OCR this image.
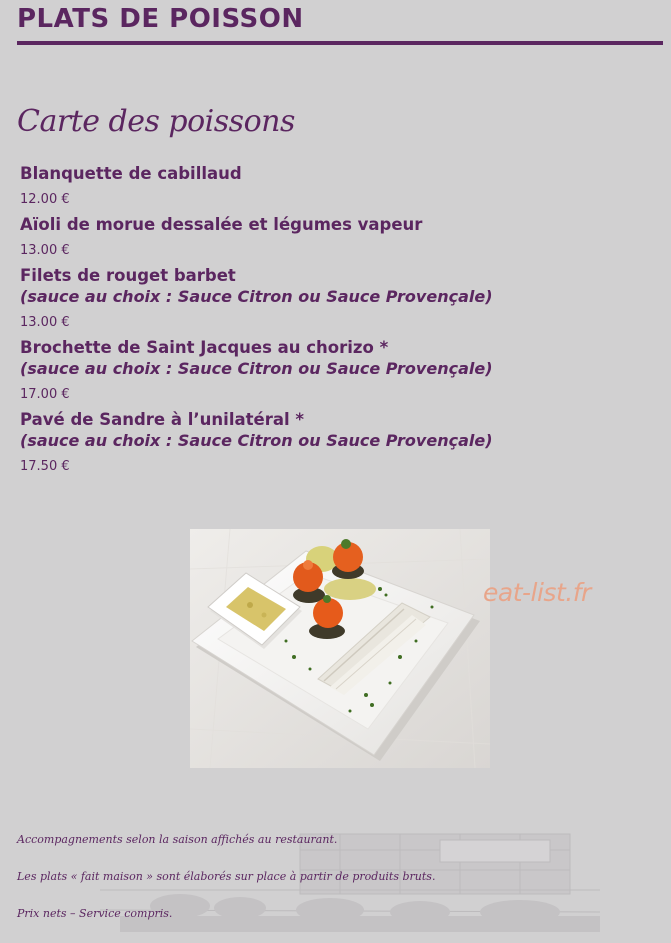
PLATS DE POISSON
Carte des poissons
Blanquette de cabillaud
12.00 €
Aïoli de morue dessalée et légumes vapeur
13.00 €
Filets de rouget barbet
(sauce au choix : Sauce Citron ou Sauce Provençale)
13.00 €
Brochette de Saint Jacques au chorizo *
(sauce au choix : Sauce Citron ou Sauce Provençale)
17.00 €
Pavé de Sandre à l’unilatéral *
(sauce au choix : Sauce Citron ou Sauce Provençale)
17.50 €
eat-list.fr
Accompagnements selon la saison affichés au restaurant.
Les plats « fait maison » sont élaborés sur place à partir de produits bruts.
Prix nets – Service compris.
